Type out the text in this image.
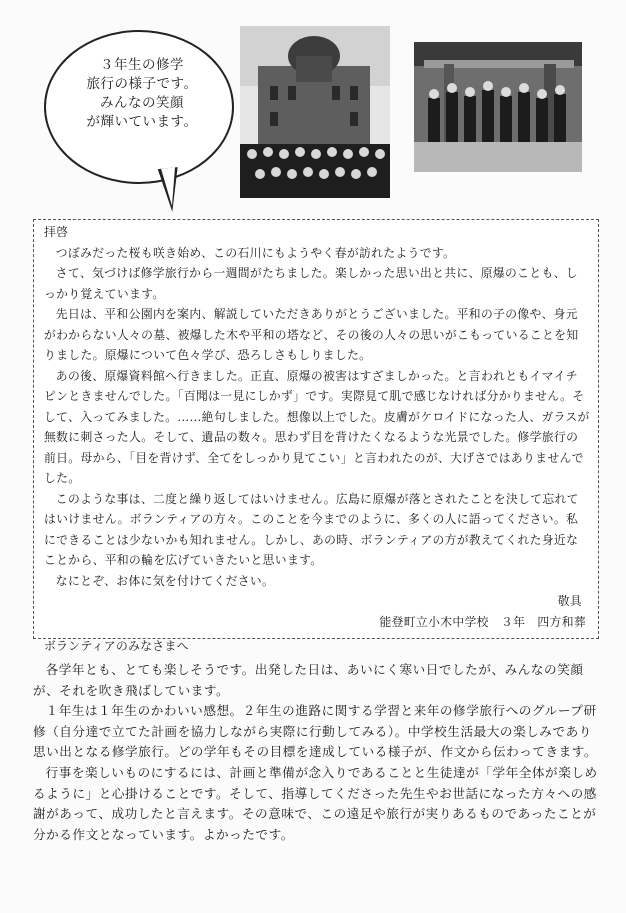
３年生の修学
旅行の様子です。
みんなの笑顔
が輝いています。

拝啓

つぼみだった桜も咲き始め、この石川にもようやく春が訪れたようです。

さて、気づけば修学旅行から一週間がたちました。楽しかった思い出と共に、原爆のことも、しっかり覚えています。

先日は、平和公園内を案内、解説していただきありがとうございました。平和の子の像や、身元がわからない人々の墓、被爆した木や平和の塔など、その後の人々の思いがこもっていることを知りました。原爆について色々学び、恐ろしさもしりました。

あの後、原爆資料館へ行きました。正直、原爆の被害はすざましかった。と言われともイマイチピンときませんでした。「百聞は一見にしかず」です。実際見て肌で感じなければ分かりません。そして、入ってみました。……絶句しました。想像以上でした。皮膚がケロイドになった人、ガラスが無数に刺さった人。そして、遺品の数々。思わず目を背けたくなるような光景でした。修学旅行の前日。母から、「目を背けず、全てをしっかり見てこい」と言われたのが、大げさではありませんでした。

このような事は、二度と繰り返してはいけません。広島に原爆が落とされたことを決して忘れてはいけません。ボランティアの方々。このことを今までのように、多くの人に語ってください。私にできることは少ないかも知れません。しかし、あの時、ボランティアの方が教えてくれた身近なことから、平和の輪を広げていきたいと思います。

なにとぞ、お体に気を付けてください。

敬具

能登町立小木中学校　３年　四方和葬

ボランティアのみなさまへ

各学年とも、とても楽しそうです。出発した日は、あいにく寒い日でしたが、みんなの笑顔が、それを吹き飛ばしています。

１年生は１年生のかわいい感想。２年生の進路に関する学習と来年の修学旅行へのグループ研修（自分達で立てた計画を協力しながら実際に行動してみる）。中学校生活最大の楽しみであり思い出となる修学旅行。どの学年もその目標を達成している様子が、作文から伝わってきます。

行事を楽しいものにするには、計画と準備が念入りであることと生徒達が「学年全体が楽しめるように」と心掛けることです。そして、指導してくださった先生やお世話になった方々への感謝があって、成功したと言えます。その意味で、この遠足や旅行が実りあるものであったことが分かる作文となっています。よかったです。
